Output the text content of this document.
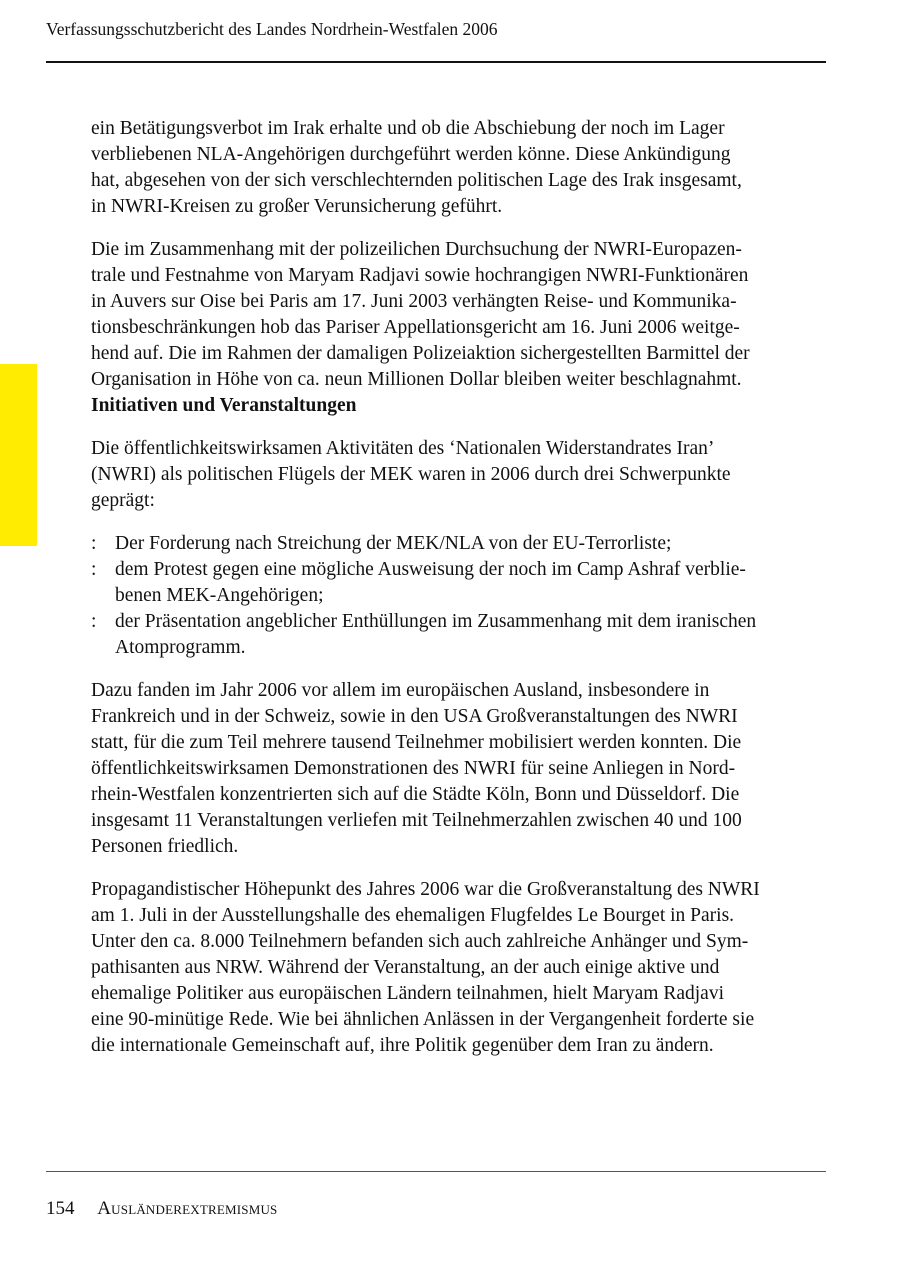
Verfassungsschutzbericht des Landes Nordrhein-Westfalen 2006

ein Betätigungsverbot im Irak erhalte und ob die Abschiebung der noch im Lager
verbliebenen NLA-Angehörigen durchgeführt werden könne. Diese Ankündigung
hat, abgesehen von der sich verschlechternden politischen Lage des Irak insgesamt,
in NWRI-Kreisen zu großer Verunsicherung geführt.

Die im Zusammenhang mit der polizeilichen Durchsuchung der NWRI-Europazen-
trale und Festnahme von Maryam Radjavi sowie hochrangigen NWRI-Funktionären
in Auvers sur Oise bei Paris am 17. Juni 2003 verhängten Reise- und Kommunika-
tionsbeschränkungen hob das Pariser Appellationsgericht am 16. Juni 2006 weitge-
hend auf. Die im Rahmen der damaligen Polizeiaktion sichergestellten Barmittel der
Organisation in Höhe von ca. neun Millionen Dollar bleiben weiter beschlagnahmt.

Initiativen und Veranstaltungen

Die öffentlichkeitswirksamen Aktivitäten des ‘Nationalen Widerstandrates Iran’
(NWRI) als politischen Flügels der MEK waren in 2006 durch drei Schwerpunkte
geprägt:

: Der Forderung nach Streichung der MEK/NLA von der EU-Terrorliste;
: dem Protest gegen eine mögliche Ausweisung der noch im Camp Ashraf verblie-
benen MEK-Angehörigen;
: der Präsentation angeblicher Enthüllungen im Zusammenhang mit dem iranischen
Atomprogramm.

Dazu fanden im Jahr 2006 vor allem im europäischen Ausland, insbesondere in
Frankreich und in der Schweiz, sowie in den USA Großveranstaltungen des NWRI
statt, für die zum Teil mehrere tausend Teilnehmer mobilisiert werden konnten. Die
öffentlichkeitswirksamen Demonstrationen des NWRI für seine Anliegen in Nord-
rhein-Westfalen konzentrierten sich auf die Städte Köln, Bonn und Düsseldorf. Die
insgesamt 11 Veranstaltungen verliefen mit Teilnehmerzahlen zwischen 40 und 100
Personen friedlich.

Propagandistischer Höhepunkt des Jahres 2006 war die Großveranstaltung des NWRI
am 1. Juli in der Ausstellungshalle des ehemaligen Flugfeldes Le Bourget in Paris.
Unter den ca. 8.000 Teilnehmern befanden sich auch zahlreiche Anhänger und Sym-
pathisanten aus NRW. Während der Veranstaltung, an der auch einige aktive und
ehemalige Politiker aus europäischen Ländern teilnahmen, hielt Maryam Radjavi
eine 90-minütige Rede. Wie bei ähnlichen Anlässen in der Vergangenheit forderte sie
die internationale Gemeinschaft auf, ihre Politik gegenüber dem Iran zu ändern.

154 Ausländerextremismus
